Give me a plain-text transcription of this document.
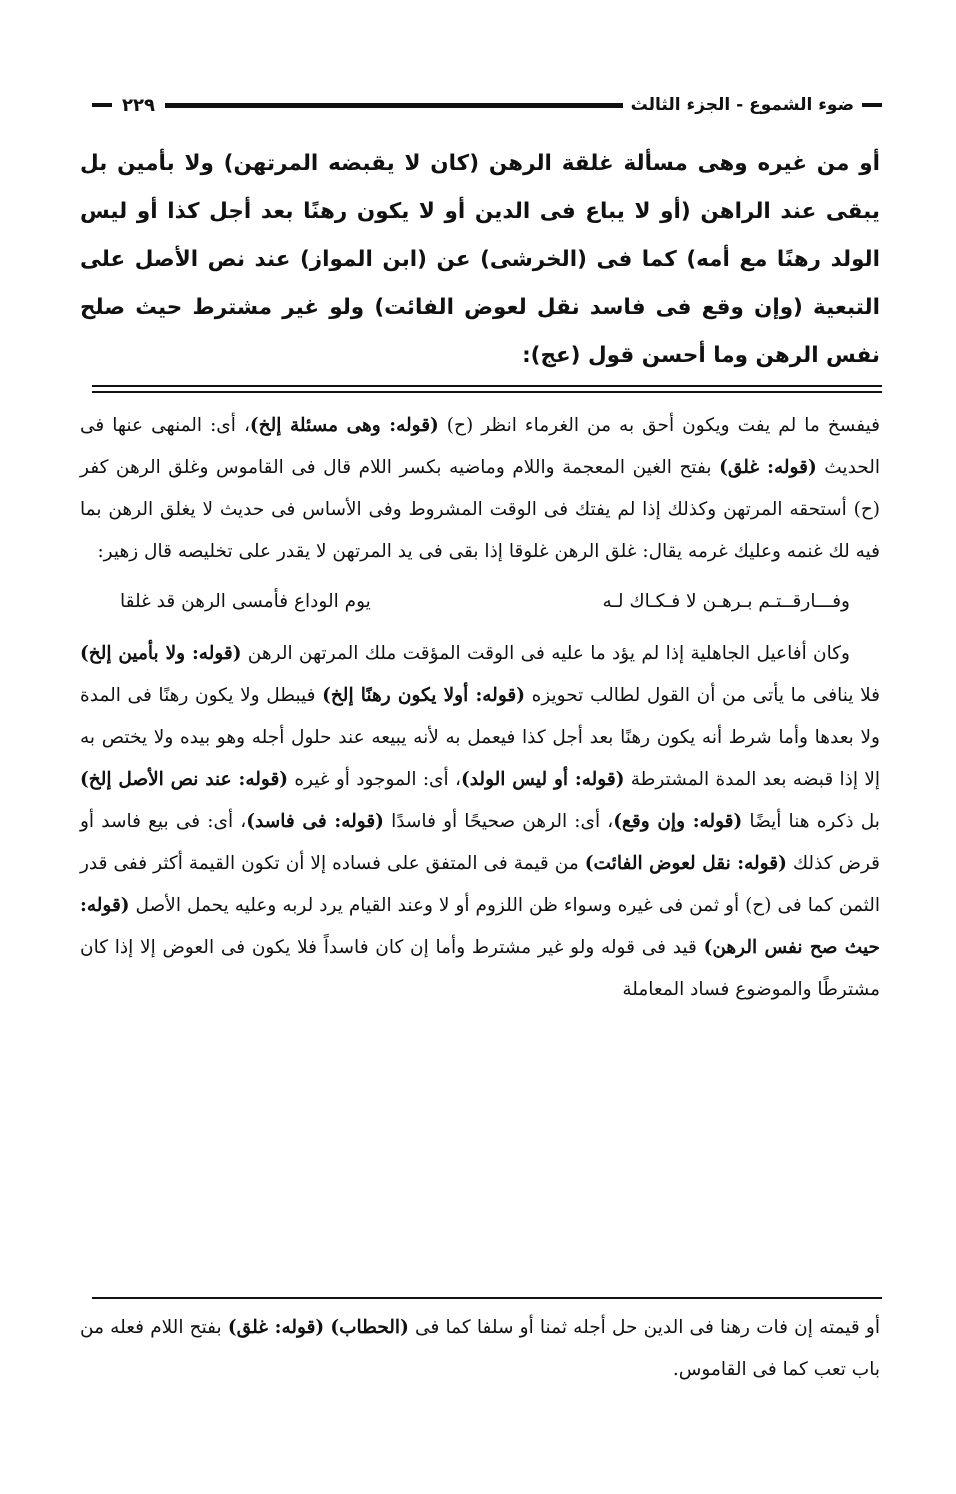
ضوء الشموع - الجزء الثالث
٢٢٩

أو من غيره وهى مسألة غلقة الرهن (كان لا يقبضه المرتهن) ولا بأمين بل يبقى عند الراهن (أو لا يباع فى الدين أو لا يكون رهنًا بعد أجل كذا أو ليس الولد رهنًا مع أمه) كما فى (الخرشى) عن (ابن المواز) عند نص الأصل على التبعية (وإن وقع فى فاسد نقل لعوض الفائت) ولو غير مشترط حيث صلح نفس الرهن وما أحسن قول (عج):

فيفسخ ما لم يفت ويكون أحق به من الغرماء انظر (ح) (قوله: وهى مسئلة إلخ)، أى: المنهى عنها فى الحديث (قوله: غلق) بفتح الغين المعجمة واللام وماضيه بكسر اللام قال فى القاموس وغلق الرهن كفر (ح) أستحقه المرتهن وكذلك إذا لم يفتك فى الوقت المشروط وفى الأساس فى حديث لا يغلق الرهن بما فيه لك غنمه وعليك غرمه يقال: غلق الرهن غلوقا إذا بقى فى يد المرتهن لا يقدر على تخليصه قال زهير:

وفـــارقــتـم بـرهـن لا فـكـاك لـه
يوم الوداع فأمسى الرهن قد غلقا

وكان أفاعيل الجاهلية إذا لم يؤد ما عليه فى الوقت المؤقت ملك المرتهن الرهن (قوله: ولا بأمين إلخ) فلا ينافى ما يأتى من أن القول لطالب تحويزه (قوله: أولا يكون رهنًا إلخ) فيبطل ولا يكون رهنًا فى المدة ولا بعدها وأما شرط أنه يكون رهنًا بعد أجل كذا فيعمل به لأنه يبيعه عند حلول أجله وهو بيده ولا يختص به إلا إذا قبضه بعد المدة المشترطة (قوله: أو ليس الولد)، أى: الموجود أو غيره (قوله: عند نص الأصل إلخ) بل ذكره هنا أيضًا (قوله: وإن وقع)، أى: الرهن صحيحًا أو فاسدًا (قوله: فى فاسد)، أى: فى بيع فاسد أو قرض كذلك (قوله: نقل لعوض الفائت) من قيمة فى المتفق على فساده إلا أن تكون القيمة أكثر ففى قدر الثمن كما فى (ح) أو ثمن فى غيره وسواء ظن اللزوم أو لا وعند القيام يرد لربه وعليه يحمل الأصل (قوله: حيث صح نفس الرهن) قيد فى قوله ولو غير مشترط وأما إن كان فاسداً فلا يكون فى العوض إلا إذا كان مشترطًا والموضوع فساد المعاملة

أو قيمته إن فات رهنا فى الدين حل أجله ثمنا أو سلفا كما فى (الحطاب) (قوله: غلق) بفتح اللام فعله من باب تعب كما فى القاموس.
